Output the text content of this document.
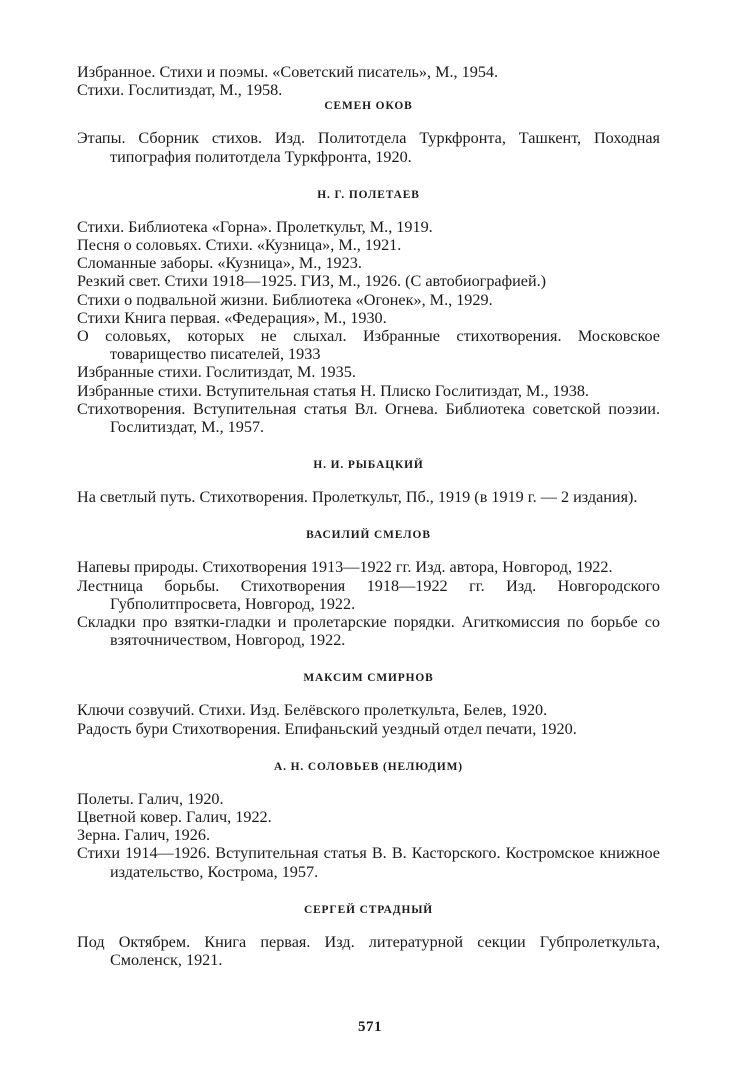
Избранное. Стихи и поэмы. «Советский писатель», М., 1954.
Стихи. Гослитиздат, М., 1958.
СЕМЕН ОКОВ
Этапы. Сборник стихов. Изд. Политотдела Туркфронта, Ташкент, Походная типография политотдела Туркфронта, 1920.
Н. Г. ПОЛЕТАЕВ
Стихи. Библиотека «Горна». Пролеткульт, М., 1919.
Песня о соловьях. Стихи. «Кузница», М., 1921.
Сломанные заборы. «Кузница», М., 1923.
Резкий свет. Стихи 1918—1925. ГИЗ, М., 1926. (С автобиографией.)
Стихи о подвальной жизни. Библиотека «Огонек», М., 1929.
Стихи Книга первая. «Федерация», М., 1930.
О соловьях, которых не слыхал. Избранные стихотворения. Московское товарищество писателей, 1933
Избранные стихи. Гослитиздат, М. 1935.
Избранные стихи. Вступительная статья Н. Плиско Гослитиздат, М., 1938.
Стихотворения. Вступительная статья Вл. Огнева. Библиотека советской поэзии. Гослитиздат, М., 1957.
Н. И. РЫБАЦКИЙ
На светлый путь. Стихотворения. Пролеткульт, Пб., 1919 (в 1919 г. — 2 издания).
ВАСИЛИЙ СМЕЛОВ
Напевы природы. Стихотворения 1913—1922 гг. Изд. автора, Новгород, 1922.
Лестница борьбы. Стихотворения 1918—1922 гг. Изд. Новгородского Губполитпросвета, Новгород, 1922.
Складки про взятки-гладки и пролетарские порядки. Агиткомиссия по борьбе со взяточничеством, Новгород, 1922.
МАКСИМ СМИРНОВ
Ключи созвучий. Стихи. Изд. Белёвского пролеткульта, Белев, 1920.
Радость бури Стихотворения. Епифаньский уездный отдел печати, 1920.
А. Н. СОЛОВЬЕВ (НЕЛЮДИМ)
Полеты. Галич, 1920.
Цветной ковер. Галич, 1922.
Зерна. Галич, 1926.
Стихи 1914—1926. Вступительная статья В. В. Касторского. Костромское книжное издательство, Кострома, 1957.
СЕРГЕЙ СТРАДНЫЙ
Под Октябрем. Книга первая. Изд. литературной секции Губпролеткульта, Смоленск, 1921.
571
